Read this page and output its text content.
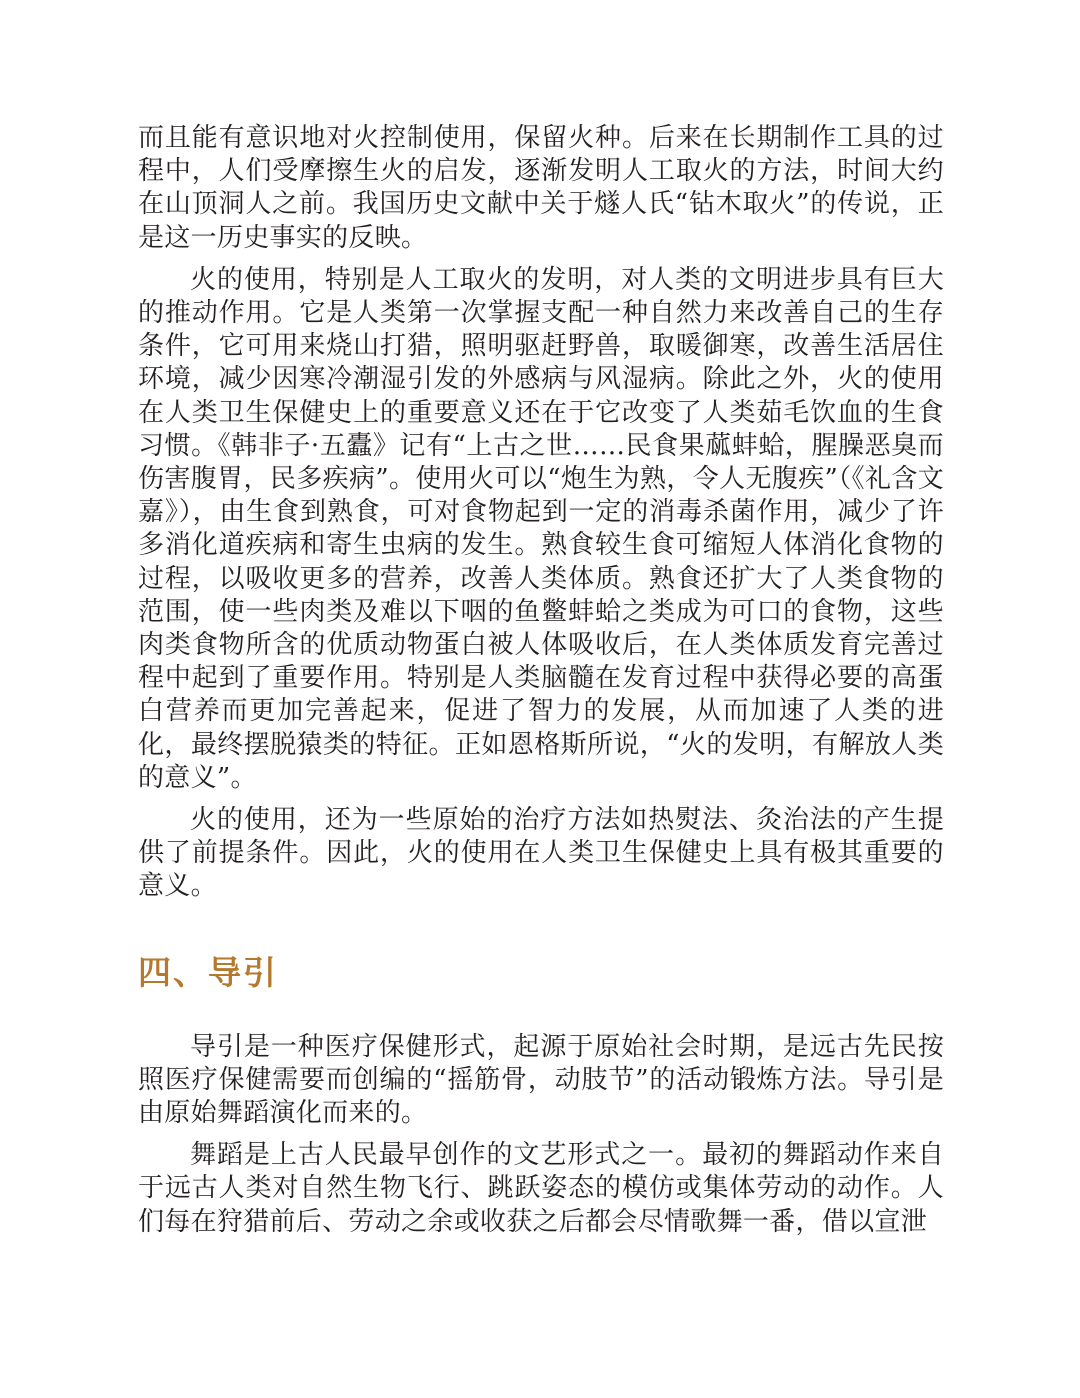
而且能有意识地对火控制使用，保留火种。后来在长期制作工具的过程中，人们受摩擦生火的启发，逐渐发明人工取火的方法，时间大约在山顶洞人之前。我国历史文献中关于燧人氏“钻木取火”的传说，正是这一历史事实的反映。

火的使用，特别是人工取火的发明，对人类的文明进步具有巨大的推动作用。它是人类第一次掌握支配一种自然力来改善自己的生存条件，它可用来烧山打猎，照明驱赶野兽，取暖御寒，改善生活居住环境，减少因寒冷潮湿引发的外感病与风湿病。除此之外，火的使用在人类卫生保健史上的重要意义还在于它改变了人类茹毛饮血的生食习惯。《韩非子·五蠹》记有“上古之世……民食果蓏蚌蛤，腥臊恶臭而伤害腹胃，民多疾病”。使用火可以“炮生为熟，令人无腹疾”（《礼含文嘉》），由生食到熟食，可对食物起到一定的消毒杀菌作用，减少了许多消化道疾病和寄生虫病的发生。熟食较生食可缩短人体消化食物的过程，以吸收更多的营养，改善人类体质。熟食还扩大了人类食物的范围，使一些肉类及难以下咽的鱼鳖蚌蛤之类成为可口的食物，这些肉类食物所含的优质动物蛋白被人体吸收后，在人类体质发育完善过程中起到了重要作用。特别是人类脑髓在发育过程中获得必要的高蛋白营养而更加完善起来，促进了智力的发展，从而加速了人类的进化，最终摆脱猿类的特征。正如恩格斯所说，“火的发明，有解放人类的意义”。

火的使用，还为一些原始的治疗方法如热熨法、灸治法的产生提供了前提条件。因此，火的使用在人类卫生保健史上具有极其重要的意义。

四、导引

导引是一种医疗保健形式，起源于原始社会时期，是远古先民按照医疗保健需要而创编的“摇筋骨，动肢节”的活动锻炼方法。导引是由原始舞蹈演化而来的。

舞蹈是上古人民最早创作的文艺形式之一。最初的舞蹈动作来自于远古人类对自然生物飞行、跳跃姿态的模仿或集体劳动的动作。人们每在狩猎前后、劳动之余或收获之后都会尽情歌舞一番，借以宣泄
